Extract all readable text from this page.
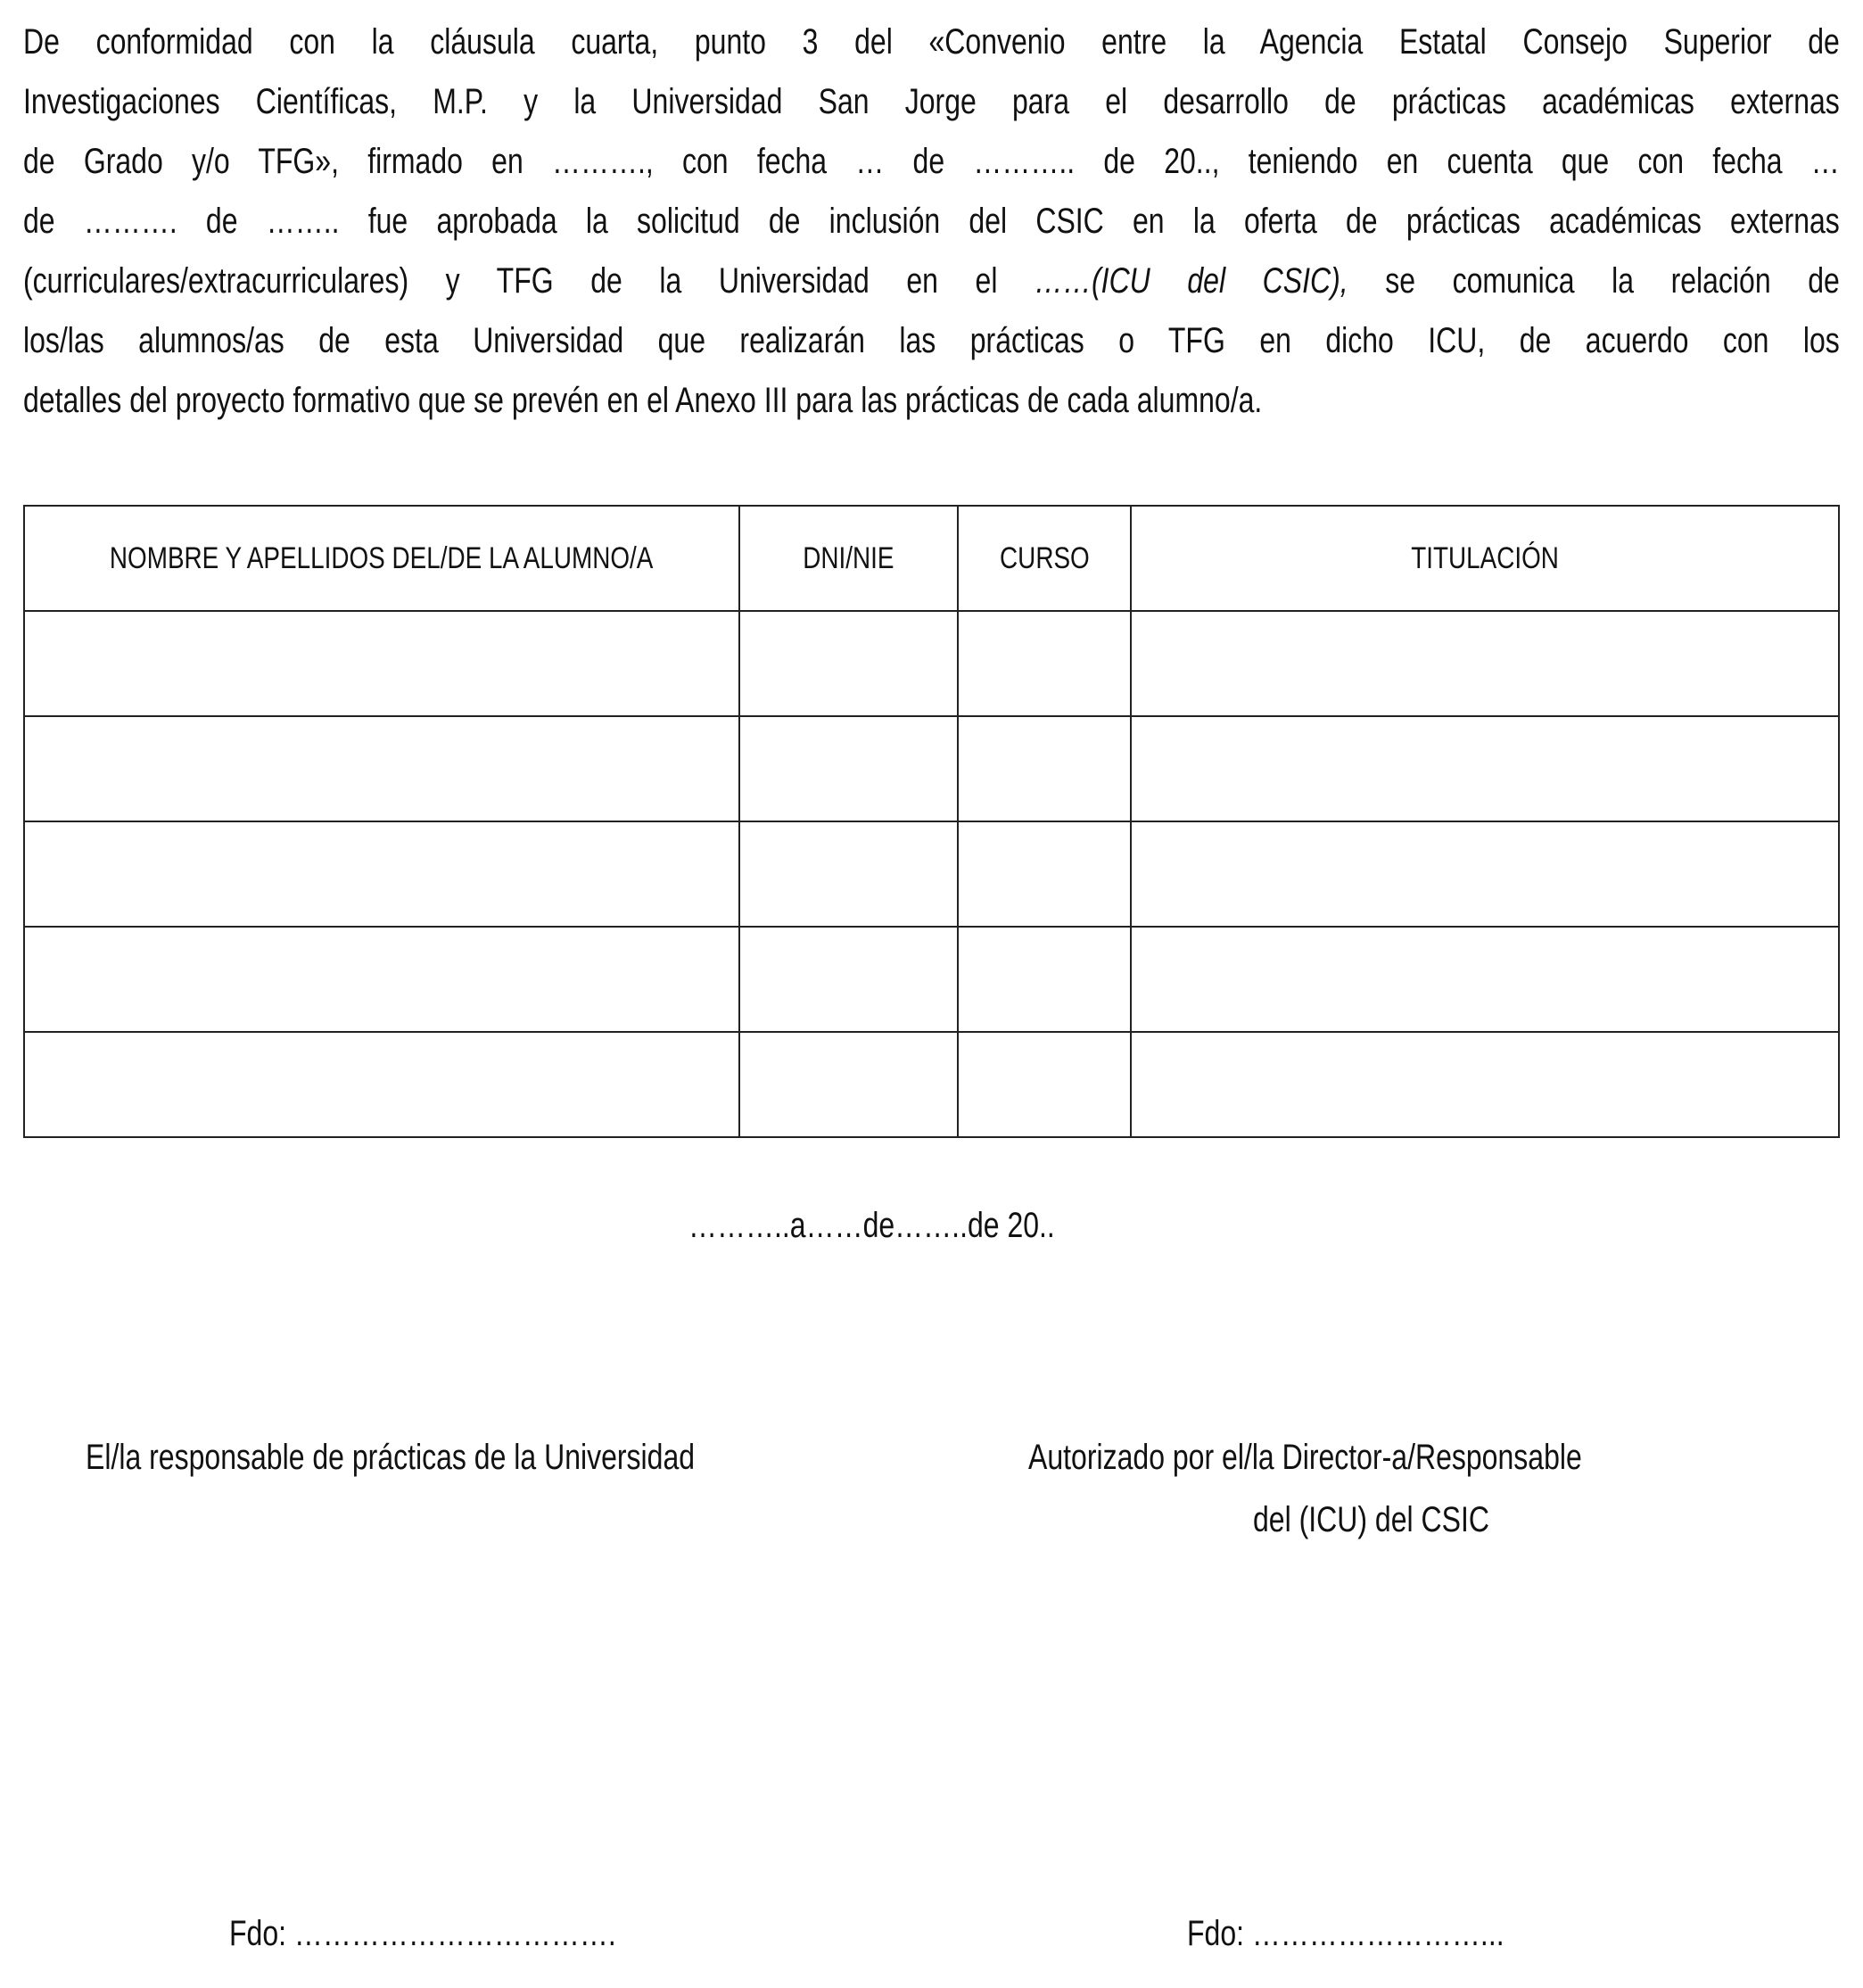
De conformidad con la cláusula cuarta, punto 3 del «Convenio entre la Agencia Estatal Consejo Superior de
Investigaciones Científicas, M.P. y la Universidad San Jorge para el desarrollo de prácticas académicas externas
de Grado y/o TFG», firmado en ………., con fecha … de ……….. de 20.., teniendo en cuenta que con fecha …
de ………. de …….. fue aprobada la solicitud de inclusión del CSIC en la oferta de prácticas académicas externas
(curriculares/extracurriculares) y TFG de la Universidad en el ……(ICU del CSIC), se comunica la relación de
los/las alumnos/as de esta Universidad que realizarán las prácticas o TFG en dicho ICU, de acuerdo con los
detalles del proyecto formativo que se prevén en el Anexo III para las prácticas de cada alumno/a.
NOMBRE Y APELLIDOS DEL/DE LA ALUMNO/A	DNI/NIE	CURSO	TITULACIÓN

………..a……de……..de 20..
El/la responsable de prácticas de la Universidad	Autorizado por el/la Director-a/Responsable
del (ICU) del CSIC
Fdo: …………………………….	Fdo: ……………………...
